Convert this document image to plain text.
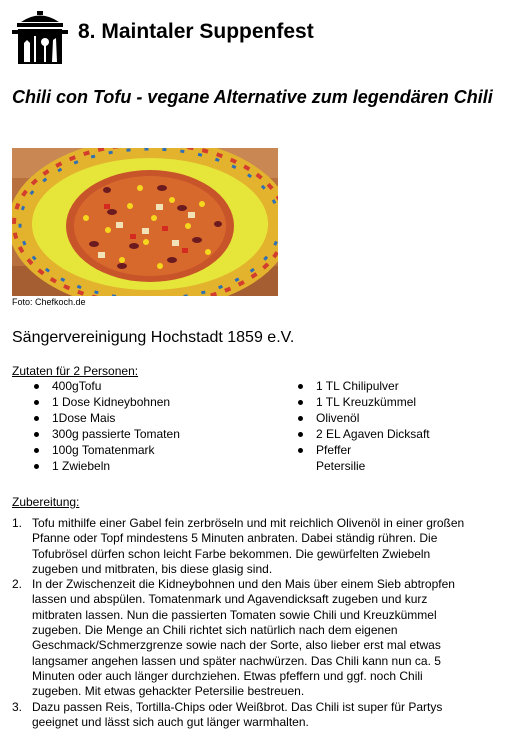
8. Maintaler Suppenfest
Chili con Tofu - vegane Alternative zum legendären Chili
Foto: Chefkoch.de
Sängervereinigung Hochstadt 1859 e.V.
Zutaten für 2 Personen:
400gTofu
1 Dose Kidneybohnen
1Dose Mais
300g passierte Tomaten
100g Tomatenmark
1 Zwiebeln
1 TL Chilipulver
1 TL Kreuzkümmel
Olivenöl
2 EL Agaven Dicksaft
Pfeffer
Petersilie
Zubereitung:
1. Tofu mithilfe einer Gabel fein zerbröseln und mit reichlich Olivenöl in einer großen
Pfanne oder Topf mindestens 5 Minuten anbraten. Dabei ständig rühren. Die
Tofubrösel dürfen schon leicht Farbe bekommen. Die gewürfelten Zwiebeln
zugeben und mitbraten, bis diese glasig sind.
2. In der Zwischenzeit die Kidneybohnen und den Mais über einem Sieb abtropfen
lassen und abspülen. Tomatenmark und Agavendicksaft zugeben und kurz
mitbraten lassen. Nun die passierten Tomaten sowie Chili und Kreuzkümmel
zugeben. Die Menge an Chili richtet sich natürlich nach dem eigenen
Geschmack/Schmerzgrenze sowie nach der Sorte, also lieber erst mal etwas
langsamer angehen lassen und später nachwürzen. Das Chili kann nun ca. 5
Minuten oder auch länger durchziehen. Etwas pfeffern und ggf. noch Chili
zugeben. Mit etwas gehackter Petersilie bestreuen.
3. Dazu passen Reis, Tortilla-Chips oder Weißbrot. Das Chili ist super für Partys
geeignet und lässt sich auch gut länger warmhalten.
